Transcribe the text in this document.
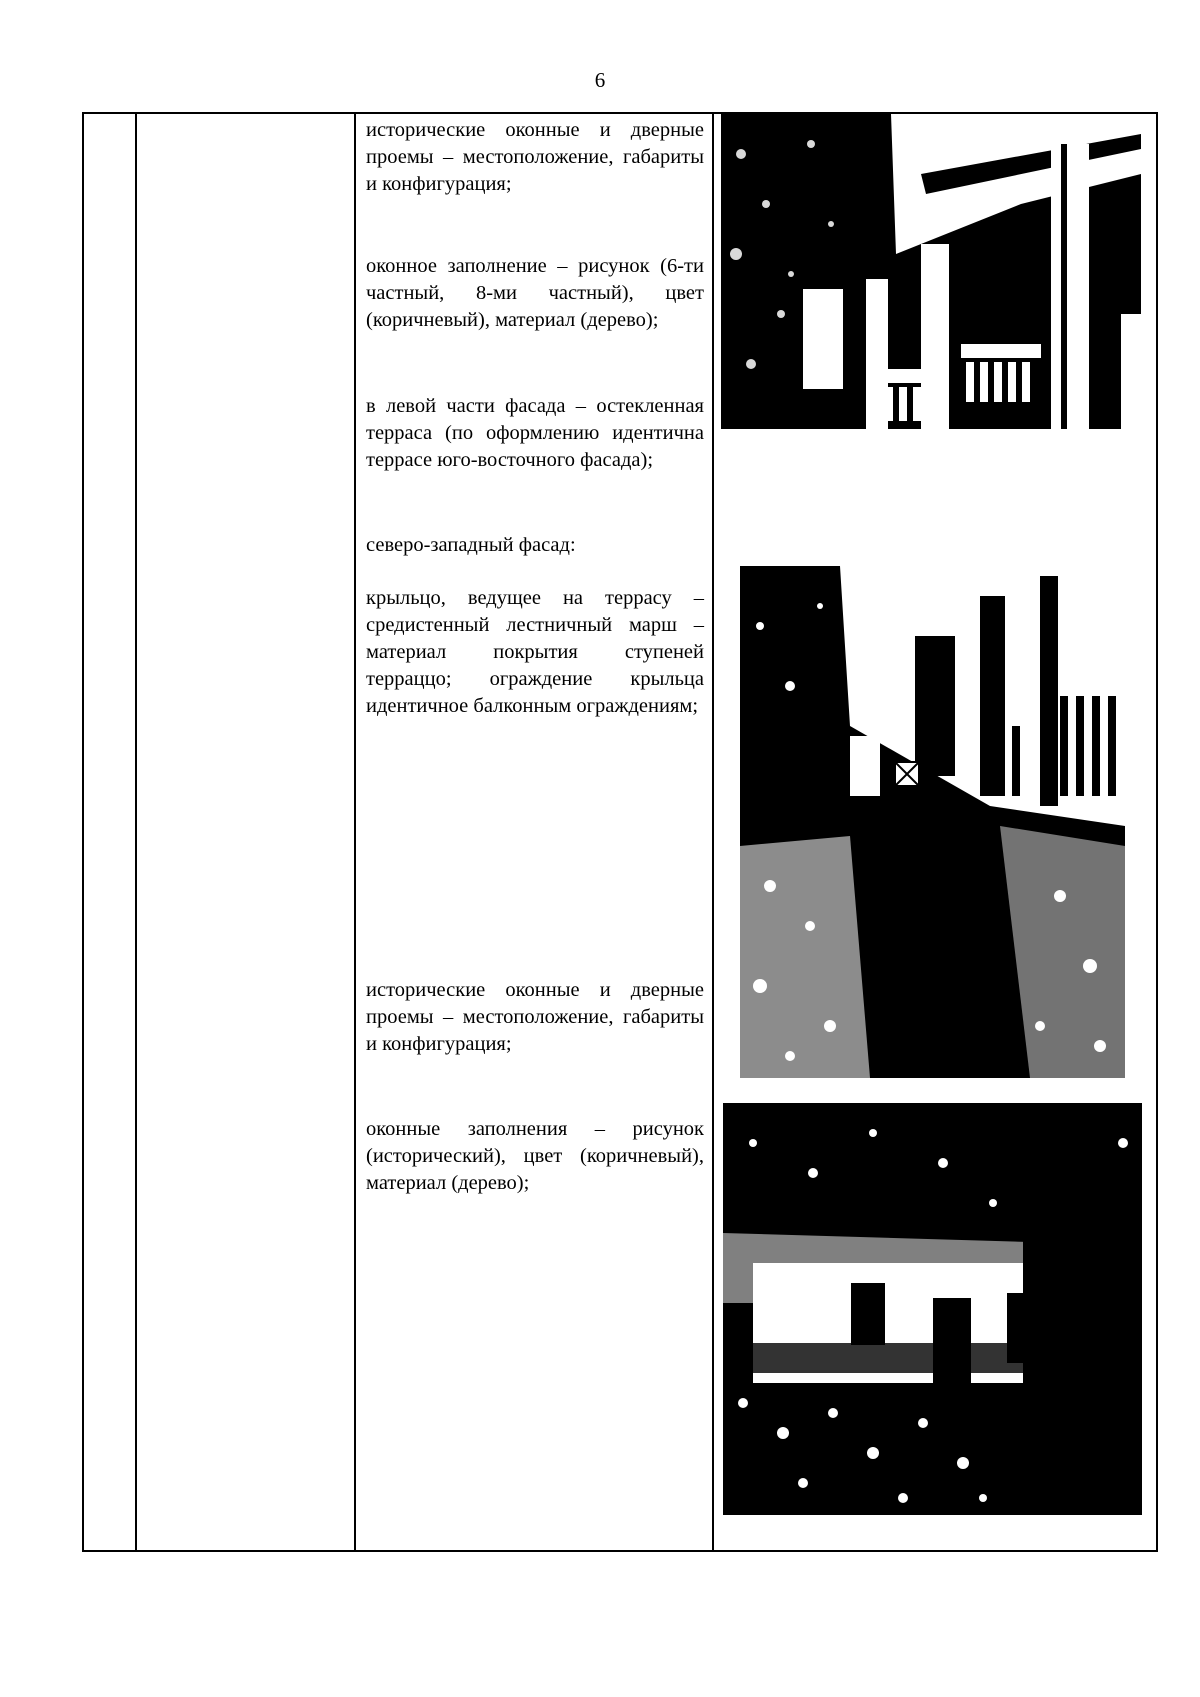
6
исторические оконные и дверные проемы – местоположение, габариты и конфигурация;
оконное заполнение – рисунок (6-ти частный, 8-ми частный), цвет (коричневый), материал (дерево);
в левой части фасада – остекленная терраса (по оформлению идентична террасе юго-восточного фасада);
северо-западный фасад:
крыльцо, ведущее на террасу – средистенный лестничный марш – материал покрытия ступеней терраццо; ограждение крыльца идентичное балконным ограждениям;
исторические оконные и дверные проемы – местоположение, габариты и конфигурация;
оконные заполнения – рисунок (исторический), цвет (коричневый), материал (дерево);
